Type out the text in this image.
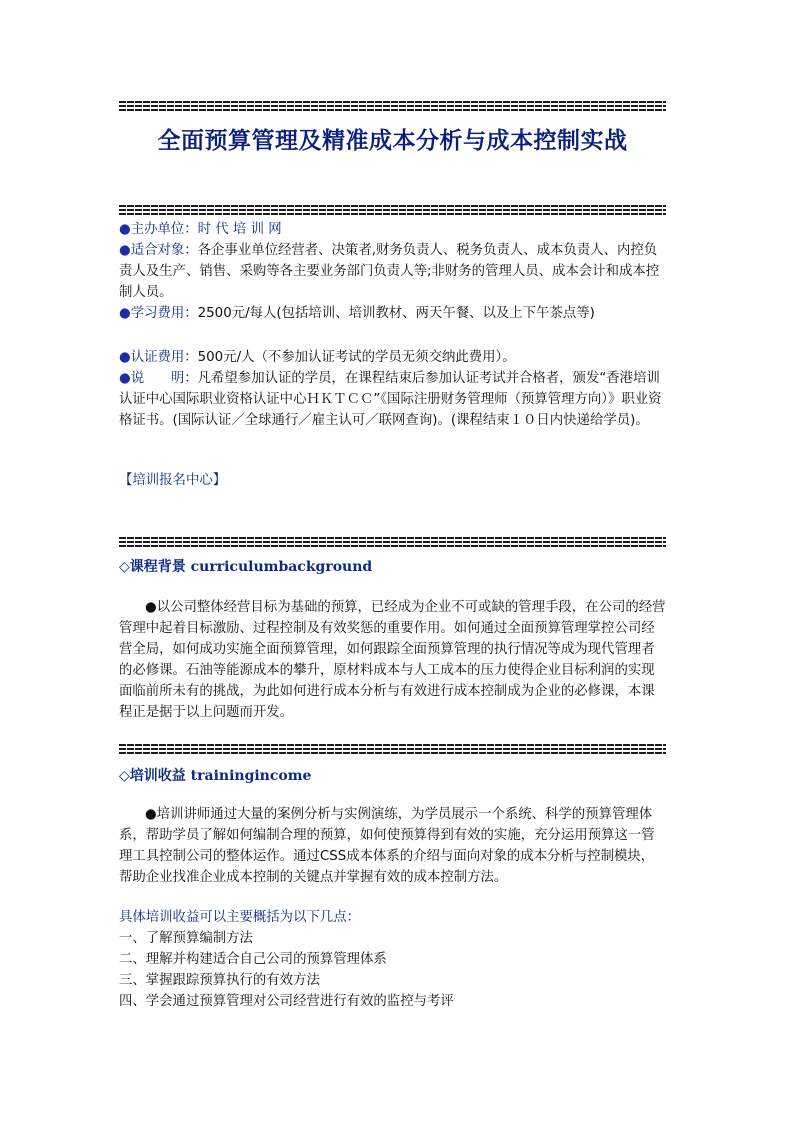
全面预算管理及精准成本分析与成本控制实战
●主办单位：时 代 培 训 网
●适合对象：各企事业单位经营者、决策者,财务负责人、税务负责人、成本负责人、内控负责人及生产、销售、采购等各主要业务部门负责人等;非财务的管理人员、成本会计和成本控制人员。
●学习费用：2500元/每人(包括培训、培训教材、两天午餐、以及上下午茶点等)
●认证费用：500元/人（不参加认证考试的学员无须交纳此费用）。
●说　　明：凡希望参加认证的学员，在课程结束后参加认证考试并合格者，颁发“香港培训认证中心国际职业资格认证中心ＨＫＴＣＣ”《国际注册财务管理师（预算管理方向）》职业资格证书。(国际认证／全球通行／雇主认可／联网查询)。(课程结束１０日内快递给学员)。
【培训报名中心】
◇课程背景 curriculumbackground
●以公司整体经营目标为基础的预算，已经成为企业不可或缺的管理手段，在公司的经营管理中起着目标激励、过程控制及有效奖惩的重要作用。如何通过全面预算管理掌控公司经营全局，如何成功实施全面预算管理，如何跟踪全面预算管理的执行情况等成为现代管理者的必修课。石油等能源成本的攀升，原材料成本与人工成本的压力使得企业目标利润的实现面临前所未有的挑战，为此如何进行成本分析与有效进行成本控制成为企业的必修课，本课程正是据于以上问题而开发。
◇培训收益 trainingincome
●培训讲师通过大量的案例分析与实例演练，为学员展示一个系统、科学的预算管理体系，帮助学员了解如何编制合理的预算，如何使预算得到有效的实施，充分运用预算这一管理工具控制公司的整体运作。通过CSS成本体系的介绍与面向对象的成本分析与控制模块，帮助企业找准企业成本控制的关键点并掌握有效的成本控制方法。
具体培训收益可以主要概括为以下几点：
一、了解预算编制方法
二、理解并构建适合自己公司的预算管理体系
三、掌握跟踪预算执行的有效方法
四、学会通过预算管理对公司经营进行有效的监控与考评
